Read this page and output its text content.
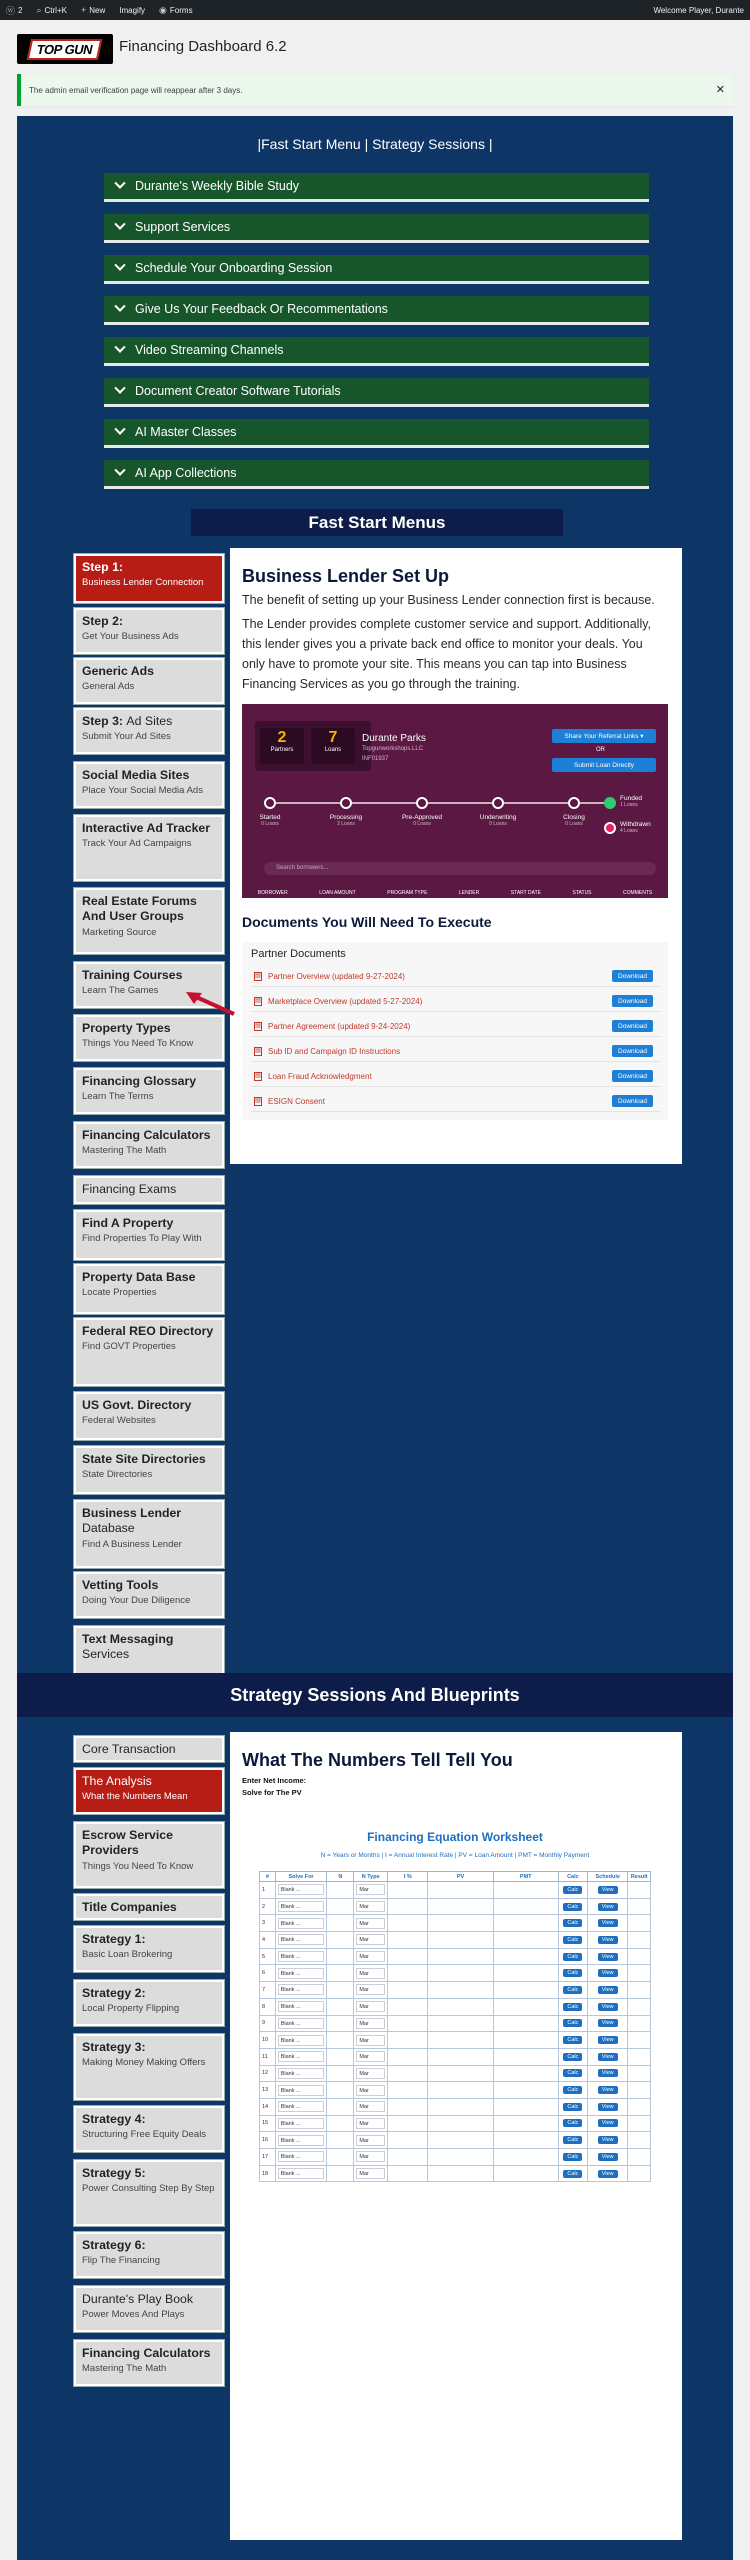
ⓦ 2 ⌕ Ctrl+K + New Imagify ◉ Forms	Welcome Player, Durante
TOP GUN	Financing Dashboard 6.2
The admin email verification page will reappear after 3 days.	✕
|Fast Start Menu | Strategy Sessions |
Durante's Weekly Bible Study
Support Services
Schedule Your Onboarding Session
Give Us Your Feedback Or Recommentations
Video Streaming Channels
Document Creator Software Tutorials
AI Master Classes
AI App Collections
Fast Start Menus
Step 1:
Business Lender Connection
Step 2:
Get Your Business Ads
Generic Ads
General Ads
Step 3: Ad Sites
Submit Your Ad Sites
Social Media Sites
Place Your Social Media Ads
Interactive Ad Tracker
Track Your Ad Campaigns
Real Estate Forums And User Groups
Marketing Source
Training Courses
Learn The Games
Property Types
Things You Need To Know
Financing Glossary
Learn The Terms
Financing Calculators
Mastering The Math
Financing Exams
Find A Property
Find Properties To Play With
Property Data Base
Locate Properties
Federal REO Directory
Find GOVT Properties
US Govt. Directory
Federal Websites
State Site Directories
State Directories
Business Lender Database
Find A Business Lender
Vetting Tools
Doing Your Due Diligence
Text Messaging Services
Business Lender Set Up
The benefit of setting up your Business Lender connection first is because.
The Lender provides complete customer service and support. Additionally, this lender gives you a private back end office to monitor your deals. You only have to promote your site. This means you can tap into Business Financing Services as you go through the training.
2
Partners
7
Loans
Durante Parks
Topgunworkshops.LLC
INF01937
Share Your Referral Links ▾
OR
Submit Loan Directly
Started
0 Loans
Processing
2 Loans
Pre-Approved
0 Loans
Underwriting
0 Loans
Closing
0 Loans
Funded
1 Loans
Withdrawn
4 Loans
Search borrowers...
BORROWER	LOAN AMOUNT	PROGRAM TYPE	LENDER	START DATE	STATUS	COMMENTS
Documents You Will Need To Execute
Partner Documents
▤ Partner Overview (updated 9-27-2024)	Download
▤ Marketplace Overview (updated 5-27-2024)	Download
▤ Partner Agreement (updated 9-24-2024)	Download
▤ Sub ID and Campaign ID Instructions	Download
▤ Loan Fraud Acknowledgment	Download
▤ ESIGN Consent	Download
Strategy Sessions And Blueprints
Core Transaction
The Analysis
What the Numbers Mean
Escrow Service Providers
Things You Need To Know
Title Companies
Strategy 1:
Basic Loan Brokering
Strategy 2:
Local Property Flipping
Strategy 3:
Making Money Making Offers
Strategy 4:
Structuring Free Equity Deals
Strategy 5:
Power Consulting Step By Step
Strategy 6:
Flip The Financing
Durante's Play Book
Power Moves And Plays
Financing Calculators
Mastering The Math
What The Numbers Tell Tell You
Enter Net Income:
Solve for The PV
Financing Equation Worksheet
N = Years or Months | I = Annual Interest Rate | PV = Loan Amount | PMT = Monthly Payment
#	Solve For	N	N Type	I %	PV	PMT	Calc	Schedule	Result
1	Blank ...		Mar				Calc	View	
2	Blank ...		Mar				Calc	View	
3	Blank ...		Mar				Calc	View	
4	Blank ...		Mar				Calc	View	
5	Blank ...		Mar				Calc	View	
6	Blank ...		Mar				Calc	View	
7	Blank ...		Mar				Calc	View	
8	Blank ...		Mar				Calc	View	
9	Blank ...		Mar				Calc	View	
10	Blank ...		Mar				Calc	View	
11	Blank ...		Mar				Calc	View	
12	Blank ...		Mar				Calc	View	
13	Blank ...		Mar				Calc	View	
14	Blank ...		Mar				Calc	View	
15	Blank ...		Mar				Calc	View	
16	Blank ...		Mar				Calc	View	
17	Blank ...		Mar				Calc	View	
18	Blank ...		Mar				Calc	View	
